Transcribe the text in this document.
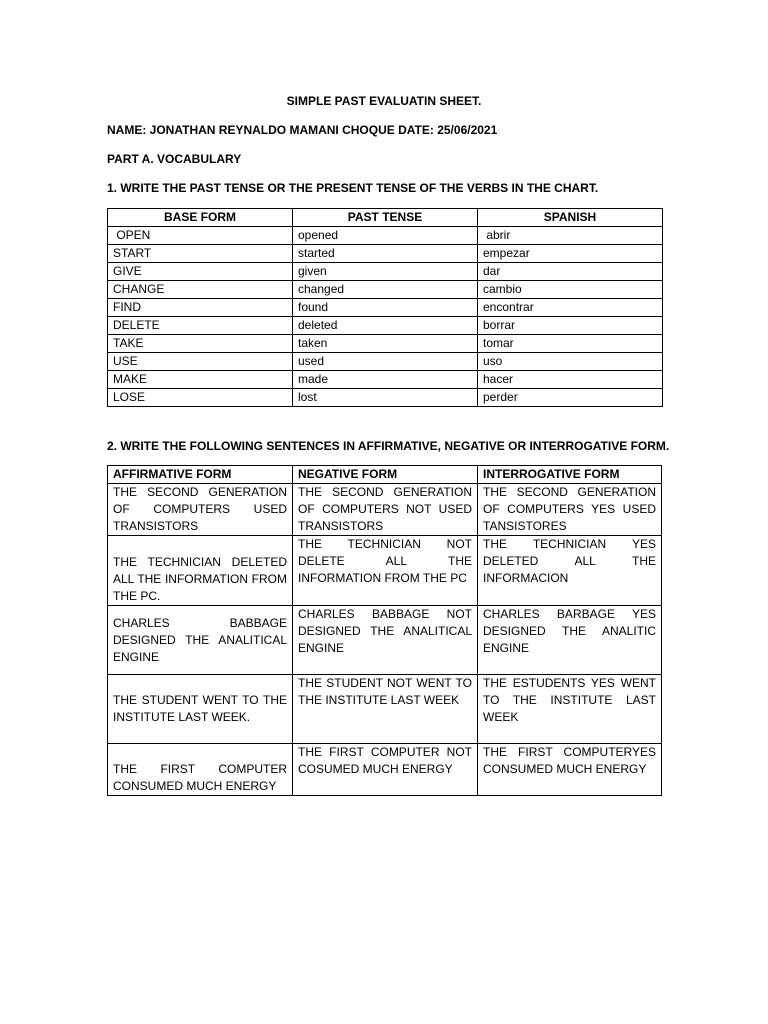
SIMPLE PAST EVALUATIN SHEET.
NAME: JONATHAN REYNALDO MAMANI CHOQUE DATE: 25/06/2021
PART A. VOCABULARY
1. WRITE THE PAST TENSE OR THE PRESENT TENSE OF THE VERBS IN THE CHART.
BASE FORM	PAST TENSE	SPANISH
OPEN	opened	abrir
START	started	empezar
GIVE	given	dar
CHANGE	changed	cambio
FIND	found	encontrar
DELETE	deleted	borrar
TAKE	taken	tomar
USE	used	uso
MAKE	made	hacer
LOSE	lost	perder
2. WRITE THE FOLLOWING SENTENCES IN AFFIRMATIVE, NEGATIVE OR INTERROGATIVE FORM.
AFFIRMATIVE FORM	NEGATIVE FORM	INTERROGATIVE FORM
THE SECOND GENERATION OF COMPUTERS USED TRANSISTORS	THE SECOND GENERATION OF COMPUTERS NOT USED TRANSISTORS	THE SECOND GENERATION OF COMPUTERS YES USED TANSISTORES
THE TECHNICIAN DELETED ALL THE INFORMATION FROM THE PC.	THE TECHNICIAN NOT DELETE ALL THE INFORMATION FROM THE PC	THE TECHNICIAN YES DELETED ALL THE INFORMACION
CHARLES BABBAGE DESIGNED THE ANALITICAL ENGINE	CHARLES BABBAGE NOT DESIGNED THE ANALITICAL ENGINE	CHARLES BARBAGE YES DESIGNED THE ANALITIC ENGINE
THE STUDENT WENT TO THE INSTITUTE LAST WEEK.	THE STUDENT NOT WENT TO THE INSTITUTE LAST WEEK	THE ESTUDENTS YES WENT TO THE INSTITUTE LAST WEEK
THE FIRST COMPUTER CONSUMED MUCH ENERGY	THE FIRST COMPUTER NOT COSUMED MUCH ENERGY	THE FIRST COMPUTERYES CONSUMED MUCH ENERGY
